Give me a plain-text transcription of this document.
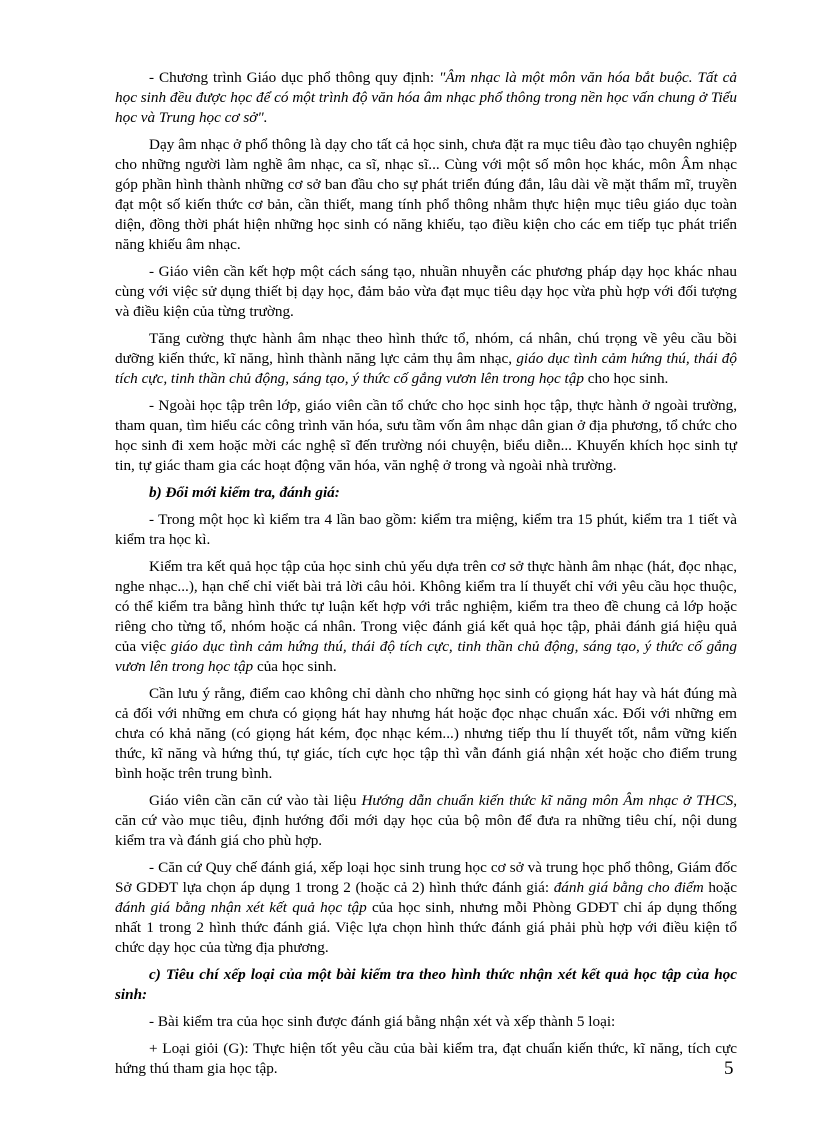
- Chương trình Giáo dục phổ thông quy định: "Âm nhạc là một môn văn hóa bắt buộc. Tất cả học sinh đều được học để có một trình độ văn hóa âm nhạc phổ thông trong nền học vấn chung ở Tiểu học và Trung học cơ sở".

Dạy âm nhạc ở phổ thông là dạy cho tất cả học sinh, chưa đặt ra mục tiêu đào tạo chuyên nghiệp cho những người làm nghề âm nhạc, ca sĩ, nhạc sĩ... Cùng với một số môn học khác, môn Âm nhạc góp phần hình thành những cơ sở ban đầu cho sự phát triển đúng đắn, lâu dài về mặt thẩm mĩ, truyền đạt một số kiến thức cơ bản, cần thiết, mang tính phổ thông nhằm thực hiện mục tiêu giáo dục toàn diện, đồng thời phát hiện những học sinh có năng khiếu, tạo điều kiện cho các em tiếp tục phát triển năng khiếu âm nhạc.

- Giáo viên cần kết hợp một cách sáng tạo, nhuần nhuyễn các phương pháp dạy học khác nhau cùng với việc sử dụng thiết bị dạy học, đảm bảo vừa đạt mục tiêu dạy học vừa phù hợp với đối tượng và điều kiện của từng trường.

Tăng cường thực hành âm nhạc theo hình thức tổ, nhóm, cá nhân, chú trọng về yêu cầu bồi dưỡng kiến thức, kĩ năng, hình thành năng lực cảm thụ âm nhạc, giáo dục tình cảm hứng thú, thái độ tích cực, tinh thần chủ động, sáng tạo, ý thức cố gắng vươn lên trong học tập cho học sinh.

- Ngoài học tập trên lớp, giáo viên cần tổ chức cho học sinh học tập, thực hành ở ngoài trường, tham quan, tìm hiểu các công trình văn hóa, sưu tầm vốn âm nhạc dân gian ở địa phương, tổ chức cho học sinh đi xem hoặc mời các nghệ sĩ đến trường nói chuyện, biểu diễn... Khuyến khích học sinh tự tin, tự giác tham gia các hoạt động văn hóa, văn nghệ ở trong và ngoài nhà trường.

b) Đổi mới kiểm tra, đánh giá:

- Trong một học kì kiểm tra 4 lần bao gồm: kiểm tra miệng, kiểm tra 15 phút, kiểm tra 1 tiết và kiểm tra học kì.

Kiểm tra kết quả học tập của học sinh chủ yếu dựa trên cơ sở thực hành âm nhạc (hát, đọc nhạc, nghe nhạc...), hạn chế chỉ viết bài trả lời câu hỏi. Không kiểm tra lí thuyết chỉ với yêu cầu học thuộc, có thể kiểm tra bằng hình thức tự luận kết hợp với trắc nghiệm, kiểm tra theo đề chung cả lớp hoặc riêng cho từng tổ, nhóm hoặc cá nhân. Trong việc đánh giá kết quả học tập, phải đánh giá hiệu quả của việc giáo dục tình cảm hứng thú, thái độ tích cực, tinh thần chủ động, sáng tạo, ý thức cố gắng vươn lên trong học tập của học sinh.

Cần lưu ý rằng, điểm cao không chỉ dành cho những học sinh có giọng hát hay và hát đúng mà cả đối với những em chưa có giọng hát hay nhưng hát hoặc đọc nhạc chuẩn xác. Đối với những em chưa có khả năng (có giọng hát kém, đọc nhạc kém...) nhưng tiếp thu lí thuyết tốt, nắm vững kiến thức, kĩ năng và hứng thú, tự giác, tích cực học tập thì vẫn đánh giá nhận xét hoặc cho điểm trung bình hoặc trên trung bình.

Giáo viên cần căn cứ vào tài liệu Hướng dẫn chuẩn kiến thức kĩ năng môn Âm nhạc ở THCS, căn cứ vào mục tiêu, định hướng đổi mới dạy học của bộ môn để đưa ra những tiêu chí, nội dung kiểm tra và đánh giá cho phù hợp.

- Căn cứ Quy chế đánh giá, xếp loại học sinh trung học cơ sở và trung học phổ thông, Giám đốc Sở GDĐT lựa chọn áp dụng 1 trong 2 (hoặc cả 2) hình thức đánh giá: đánh giá bằng cho điểm hoặc đánh giá bằng nhận xét kết quả học tập của học sinh, nhưng mỗi Phòng GDĐT chỉ áp dụng thống nhất 1 trong 2 hình thức đánh giá. Việc lựa chọn hình thức đánh giá phải phù hợp với điều kiện tổ chức dạy học của từng địa phương.

c) Tiêu chí xếp loại của một bài kiểm tra theo hình thức nhận xét kết quả học tập của học sinh:

- Bài kiểm tra của học sinh được đánh giá bằng nhận xét và xếp thành 5 loại:

+ Loại giỏi (G): Thực hiện tốt yêu cầu của bài kiểm tra, đạt chuẩn kiến thức, kĩ năng, tích cực hứng thú tham gia học tập.	5
